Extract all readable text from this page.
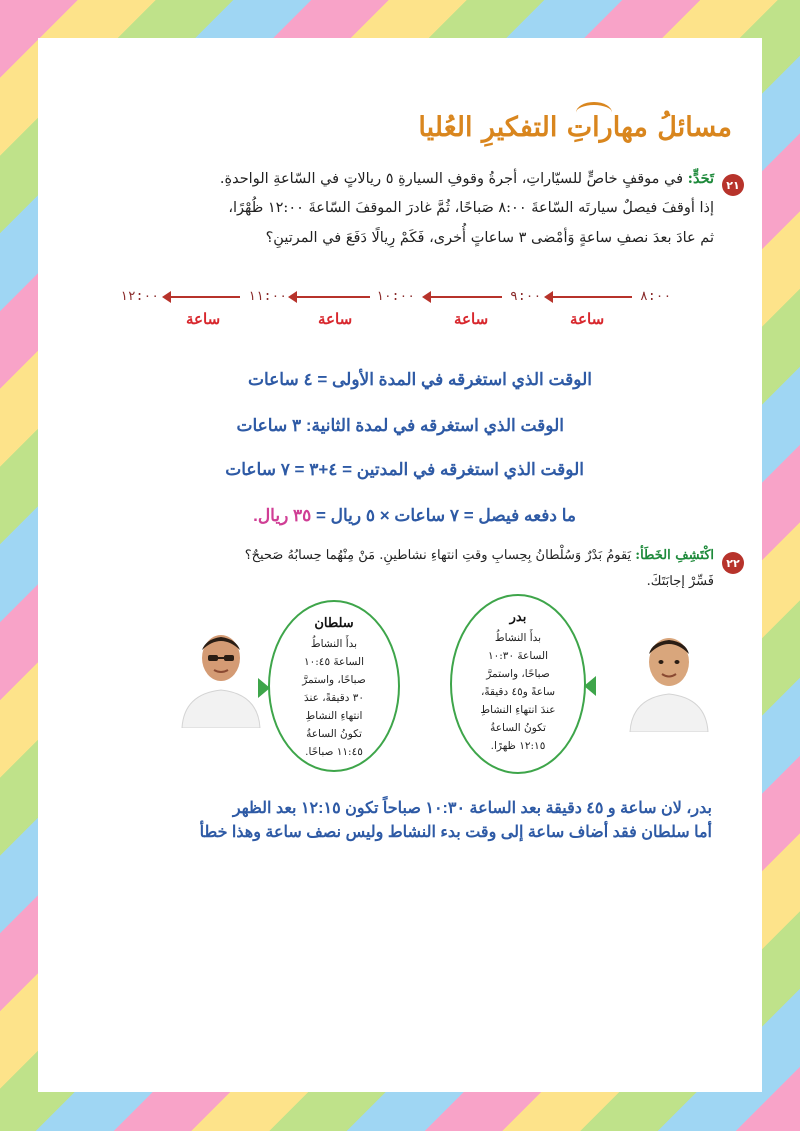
مسائلُ مهاراتِ التفكيرِ العُليا
٢١
تَحَدٍّ: في موقفٍ خاصٍّ للسيّاراتِ، أجرةُ وقوفِ السيارةِ ٥ ريالاتٍ في السّاعةِ الواحدةِ.
إذا أوقفَ فيصلٌ سيارتَه السّاعةَ ٨:٠٠ صَباحًا، ثُمَّ غادرَ الموقفَ السّاعةَ ١٢:٠٠ ظُهْرًا،
ثم عادَ بعدَ نصفِ ساعةٍ وَأمْضى ٣ ساعاتٍ أُخرى، فَكَمْ رِيالًا دَفَعَ في المرتينِ؟
١٢:٠٠	١١:٠٠	١٠:٠٠	٩:٠٠	٨:٠٠
ساعة	ساعة	ساعة	ساعة
الوقت الذي استغرقه في المدة الأولى = ٤ ساعات
الوقت الذي استغرقه في لمدة الثانية: ٣ ساعات
الوقت الذي استغرقه في المدتين = ٤+٣ = ٧ ساعات
ما دفعه فيصل = ٧ ساعات × ٥ ريال = ٣٥ ريال.
٢٢
اكْتَشِفِ الخَطَأ: يَقومُ بَدْرٌ وَسُلْطانُ بِحِسابِ وقتِ انتهاءِ نشاطينِ. مَنْ مِنْهُما حِسابُهُ صَحيحٌ؟
فَسِّرْ إجابَتَكَ.
بدر
بدأَ النشاطُ
الساعةَ ١٠:٣٠
صباحًا، واستمرَّ
ساعةً و٤٥ دقيقةً،
عندَ انتهاءِ النشاطِ
تكونُ الساعةُ
١٢:١٥ ظهرًا.
سلطان
بدأَ النشاطُ
الساعةَ ١٠:٤٥
صباحًا، واستمرَّ
٣٠ دقيقةً، عندَ
انتهاءِ النشاطِ
تكونُ الساعةُ
١١:٤٥ صباحًا.
بدر، لان ساعة و ٤٥ دقيقة بعد الساعة ١٠:٣٠ صباحاً تكون ١٢:١٥ بعد الظهر
أما سلطان فقد أضاف ساعة إلى وقت بدء النشاط وليس نصف ساعة وهذا خطأ
